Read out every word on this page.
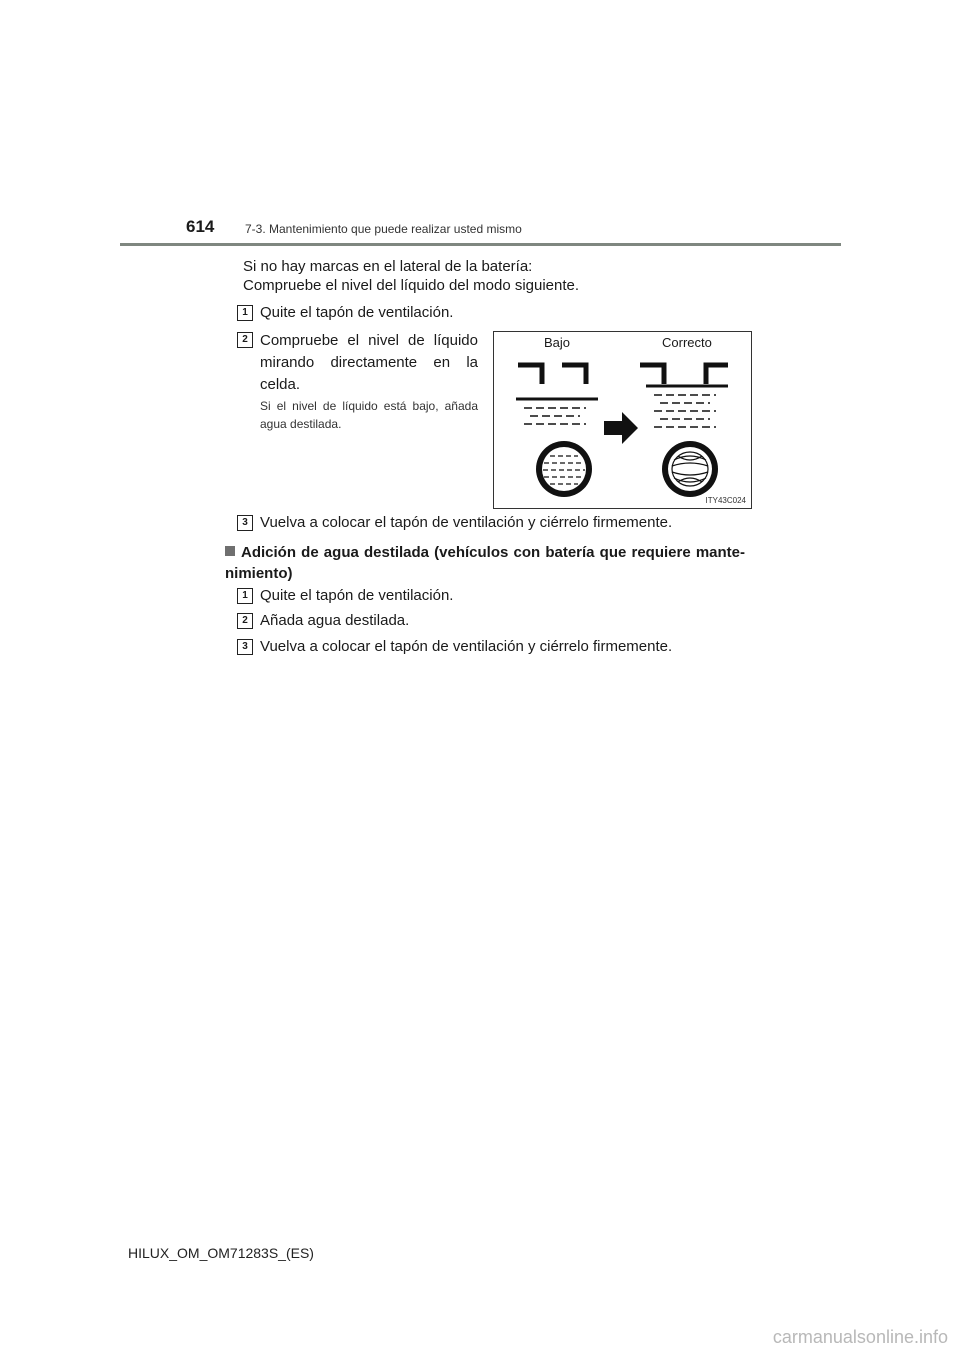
614	7-3. Mantenimiento que puede realizar usted mismo
Si no hay marcas en el lateral de la batería:
Compruebe el nivel del líquido del modo siguiente.
1 Quite el tapón de ventilación.
2 Compruebe el nivel de líquido mirando directamente en la celda.
Si el nivel de líquido está bajo, añada agua destilada.
Bajo	Correcto
ITY43C024
3 Vuelva a colocar el tapón de ventilación y ciérrelo firmemente.
Adición de agua destilada (vehículos con batería que requiere mante-nimiento)
1 Quite el tapón de ventilación.
2 Añada agua destilada.
3 Vuelva a colocar el tapón de ventilación y ciérrelo firmemente.
HILUX_OM_OM71283S_(ES)
carmanualsonline.info
